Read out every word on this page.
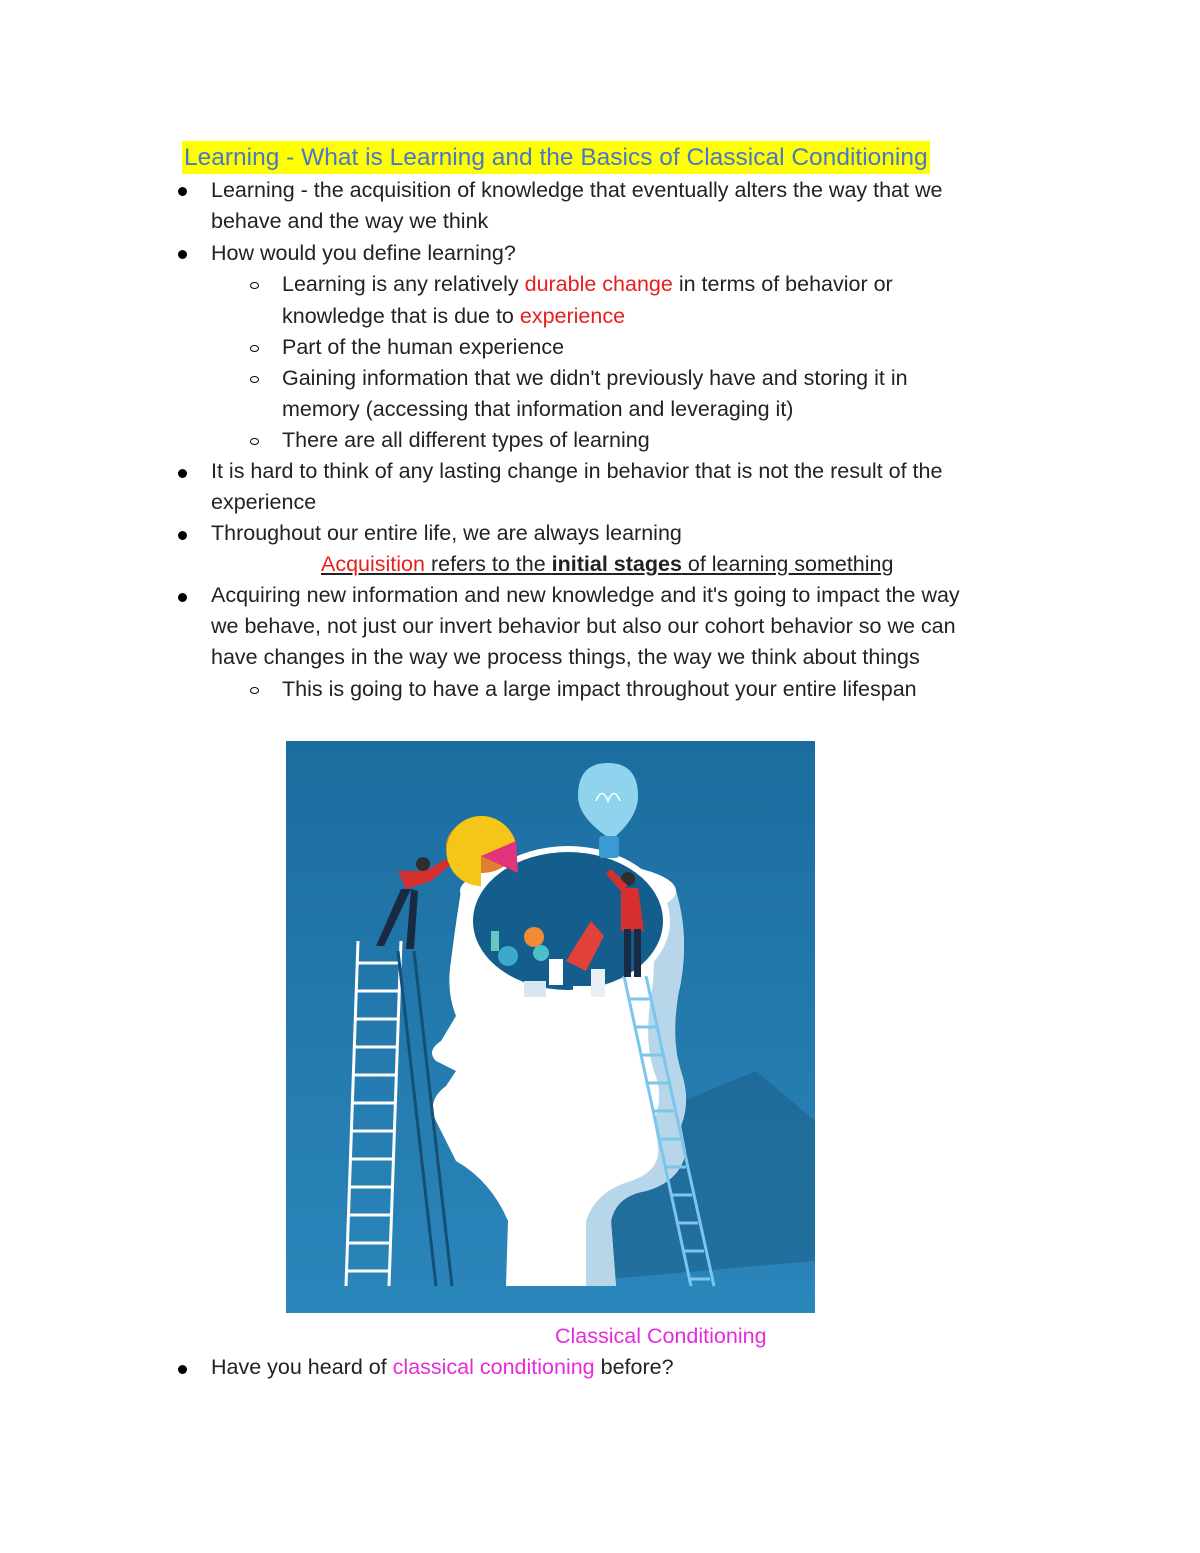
Learning - What is Learning and the Basics of Classical Conditioning
Learning - the acquisition of knowledge that eventually alters the way that we
behave and the way we think
How would you define learning?
Learning is any relatively durable change in terms of behavior or
knowledge that is due to experience
Part of the human experience
Gaining information that we didn't previously have and storing it in
memory (accessing that information and leveraging it)
There are all different types of learning
It is hard to think of any lasting change in behavior that is not the result of the
experience
Throughout our entire life, we are always learning
Acquisition refers to the initial stages of learning something
Acquiring new information and new knowledge and it's going to impact the way
we behave, not just our invert behavior but also our cohort behavior so we can
have changes in the way we process things, the way we think about things
This is going to have a large impact throughout your entire lifespan
Classical Conditioning
Have you heard of classical conditioning before?
